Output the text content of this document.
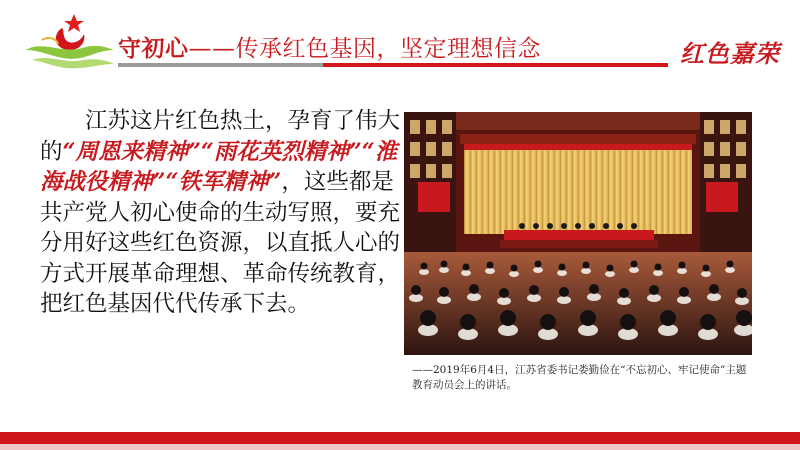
守初心——传承红色基因，坚定理想信念	红色嘉荣
江苏这片红色热土，孕育了伟大的“周恩来精神”“雨花英烈精神”“淮海战役精神”“铁军精神”，这些都是共产党人初心使命的生动写照，要充分用好这些红色资源，以直抵人心的方式开展革命理想、革命传统教育，把红色基因代代传承下去。
——2019年6月4日，江苏省委书记娄勤俭在“不忘初心、牢记使命”主题教育动员会上的讲话。
